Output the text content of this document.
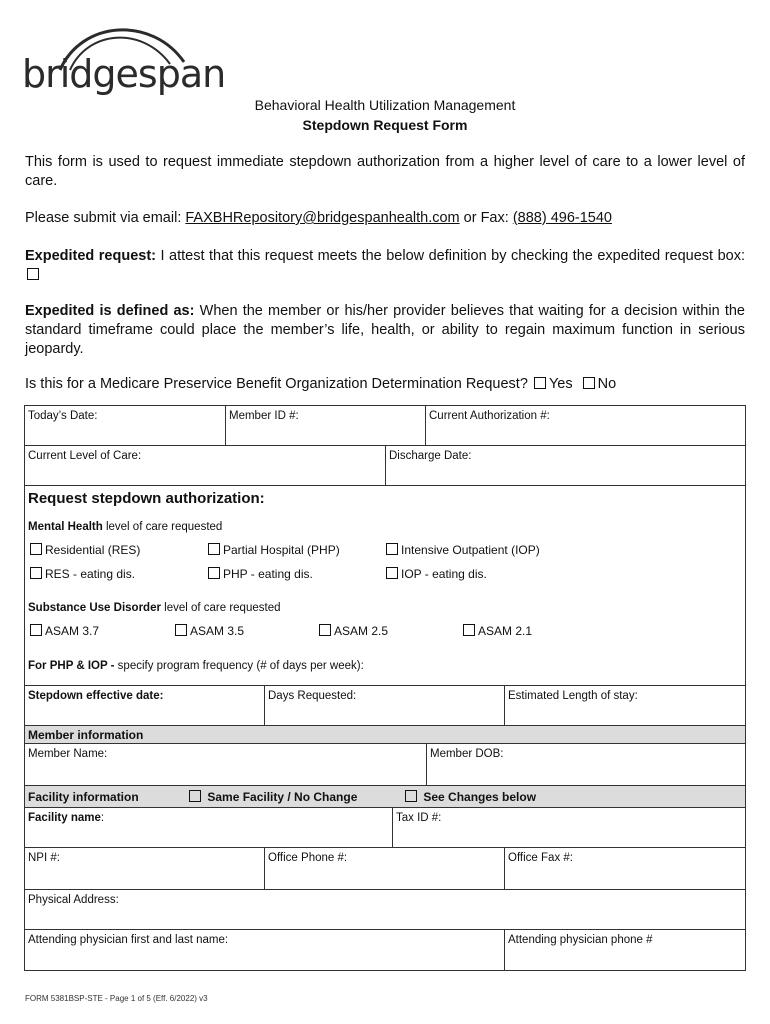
bridgespan
Behavioral Health Utilization Management
Stepdown Request Form
This form is used to request immediate stepdown authorization from a higher level of care to a lower level of care.
Please submit via email: FAXBHRepository@bridgespanhealth.com or Fax: (888) 496-1540
Expedited request: I attest that this request meets the below definition by checking the expedited request box:
Expedited is defined as: When the member or his/her provider believes that waiting for a decision within the standard timeframe could place the member’s life, health, or ability to regain maximum function in serious jeopardy.
Is this for a Medicare Preservice Benefit Organization Determination Request? Yes No
Today’s Date:	Member ID #:	Current Authorization #:
Current Level of Care:	Discharge Date:
Request stepdown authorization:
Mental Health level of care requested
Residential (RES)	Partial Hospital (PHP)	Intensive Outpatient (IOP)
RES - eating dis.	PHP - eating dis.	IOP - eating dis.
Substance Use Disorder level of care requested
ASAM 3.7	ASAM 3.5	ASAM 2.5	ASAM 2.1
For PHP & IOP - specify program frequency (# of days per week):
Stepdown effective date:	Days Requested:	Estimated Length of stay:
Member information
Member Name:	Member DOB:
Facility information	Same Facility / No Change	See Changes below
Facility name:	Tax ID #:
NPI #:	Office Phone #:	Office Fax #:
Physical Address:
Attending physician first and last name:	Attending physician phone #
FORM 5381BSP-STE - Page 1 of 5 (Eff. 6/2022) v3
